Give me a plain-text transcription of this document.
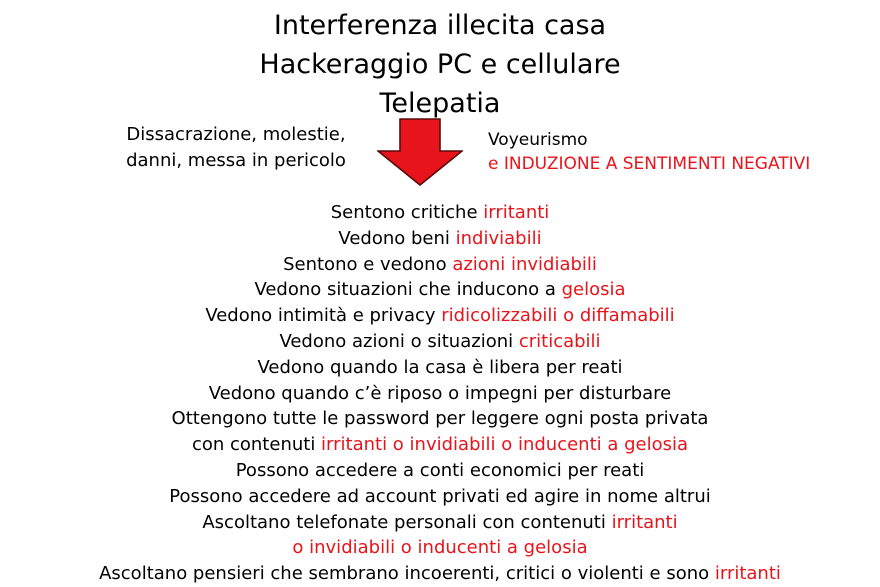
Interferenza illecita casa
Hackeraggio PC e cellulare
Telepatia
Dissacrazione, molestie,
danni, messa in pericolo
Voyeurismo
e INDUZIONE A SENTIMENTI NEGATIVI
Sentono critiche irritanti
Vedono beni indiviabili
Sentono e vedono azioni invidiabili
Vedono situazioni che inducono a gelosia
Vedono intimità e privacy ridicolizzabili o diffamabili
Vedono azioni o situazioni criticabili
Vedono quando la casa è libera per reati
Vedono quando c’è riposo o impegni per disturbare
Ottengono tutte le password per leggere ogni posta privata
con contenuti irritanti o invidiabili o inducenti a gelosia
Possono accedere a conti economici per reati
Possono accedere ad account privati ed agire in nome altrui
Ascoltano telefonate personali con contenuti irritanti
o invidiabili o inducenti a gelosia
Ascoltano pensieri che sembrano incoerenti, critici o violenti e sono irritanti
